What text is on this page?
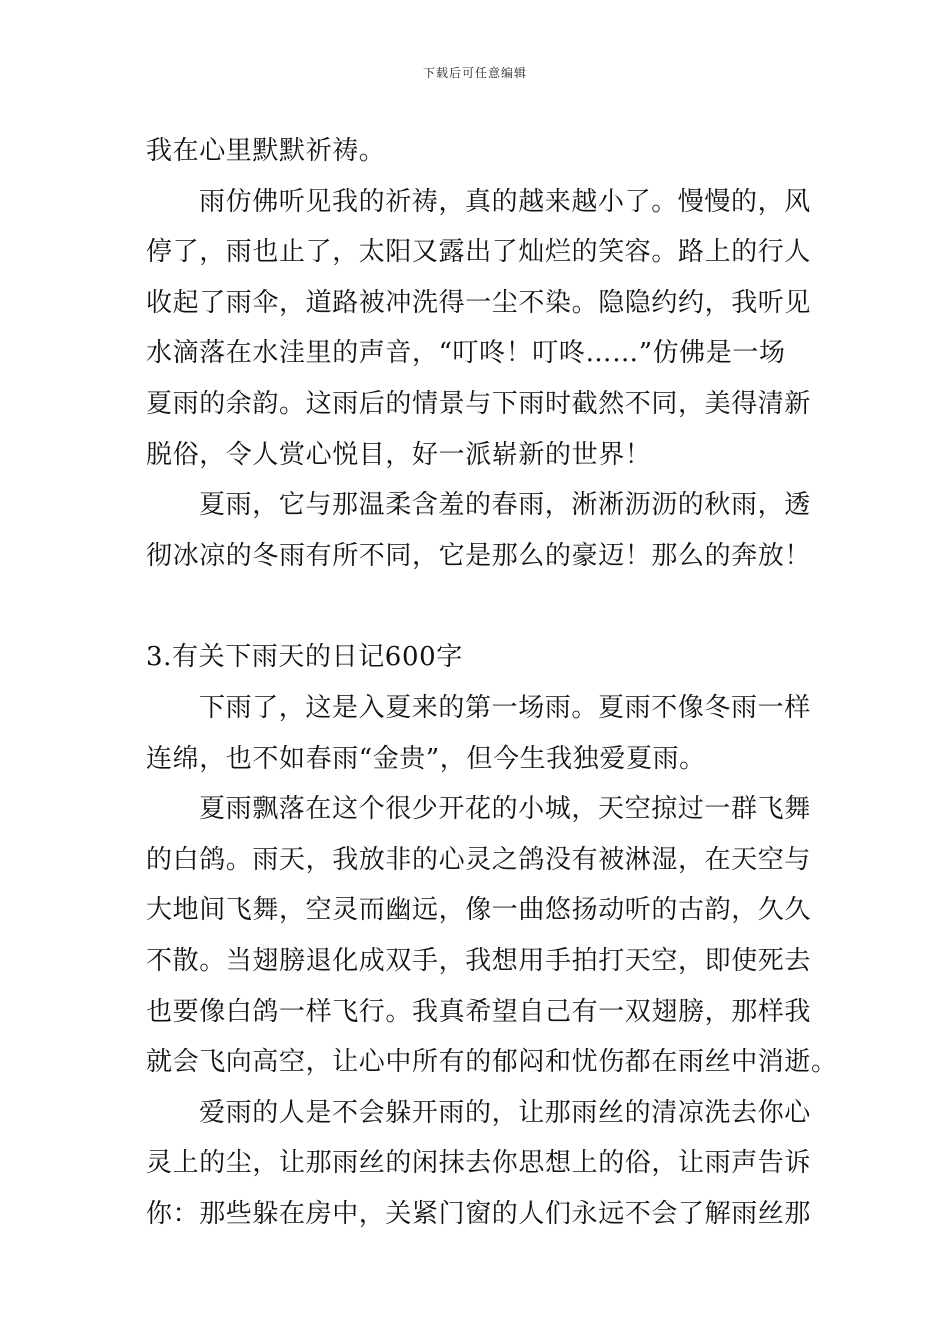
下载后可任意编辑
我在心里默默祈祷。
雨仿佛听见我的祈祷，真的越来越小了。慢慢的，风
停了，雨也止了，太阳又露出了灿烂的笑容。路上的行人
收起了雨伞，道路被冲洗得一尘不染。隐隐约约，我听见
水滴落在水洼里的声音，“叮咚！叮咚……”仿佛是一场
夏雨的余韵。这雨后的情景与下雨时截然不同，美得清新
脱俗，令人赏心悦目，好一派崭新的世界！
夏雨，它与那温柔含羞的春雨，淅淅沥沥的秋雨，透
彻冰凉的冬雨有所不同，它是那么的豪迈！那么的奔放！
3.有关下雨天的日记600字
下雨了，这是入夏来的第一场雨。夏雨不像冬雨一样
连绵，也不如春雨“金贵”，但今生我独爱夏雨。
夏雨飘落在这个很少开花的小城，天空掠过一群飞舞
的白鸽。雨天，我放非的心灵之鸽没有被淋湿，在天空与
大地间飞舞，空灵而幽远，像一曲悠扬动听的古韵，久久
不散。当翅膀退化成双手，我想用手拍打天空，即使死去
也要像白鸽一样飞行。我真希望自己有一双翅膀，那样我
就会飞向高空，让心中所有的郁闷和忧伤都在雨丝中消逝。
爱雨的人是不会躲开雨的，让那雨丝的清凉洗去你心
灵上的尘，让那雨丝的闲抹去你思想上的俗，让雨声告诉
你：那些躲在房中，关紧门窗的人们永远不会了解雨丝那
